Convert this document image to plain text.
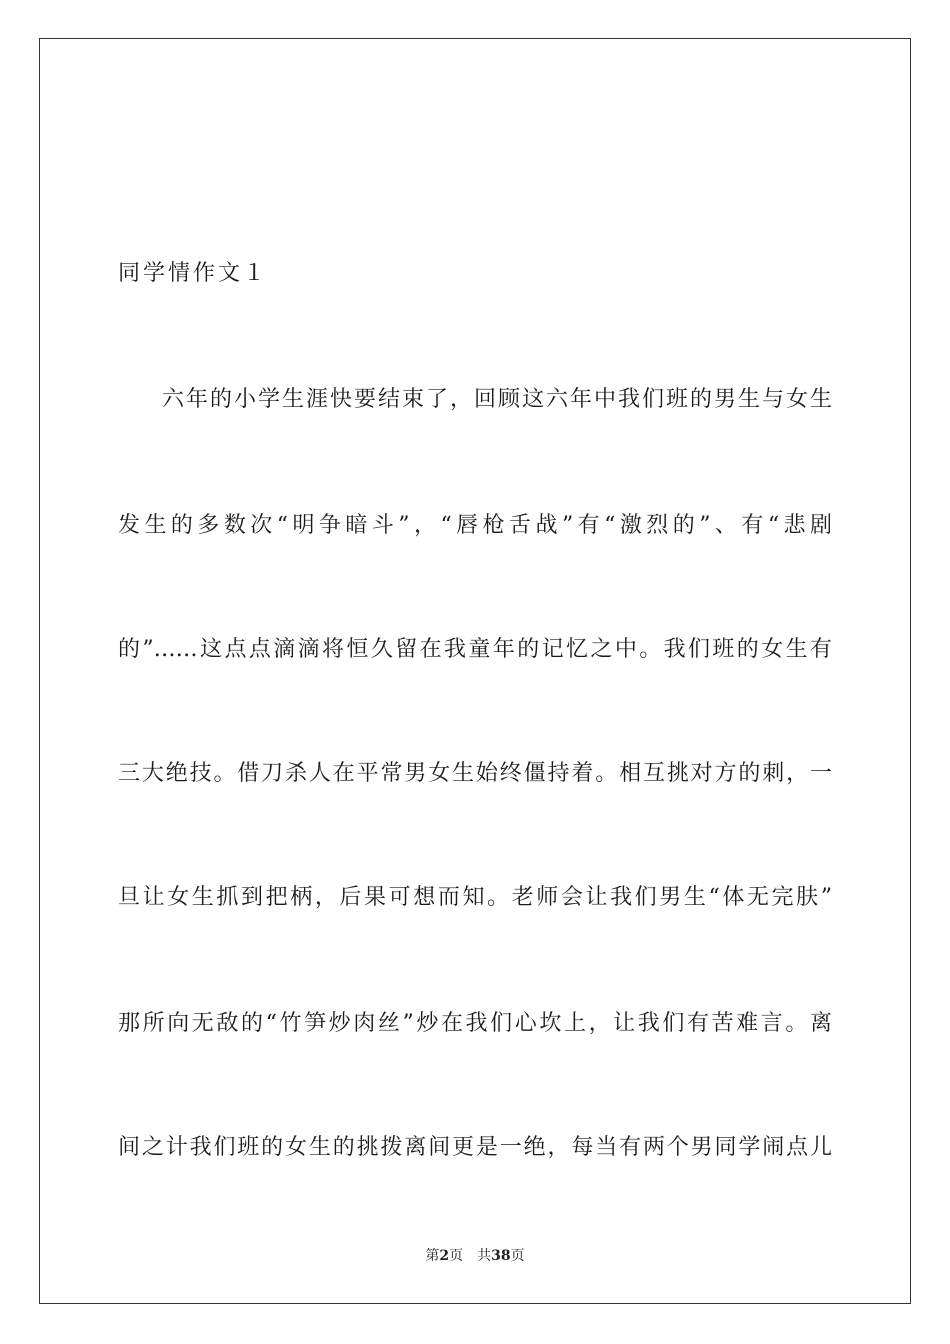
同学情作文１
六年的小学生涯快要结束了，回顾这六年中我们班的男生与女生
发生的多数次“明争暗斗”，“唇枪舌战”有“激烈的”、有“悲剧
的”……这点点滴滴将恒久留在我童年的记忆之中。我们班的女生有
三大绝技。借刀杀人在平常男女生始终僵持着。相互挑对方的刺，一
旦让女生抓到把柄，后果可想而知。老师会让我们男生“体无完肤”
那所向无敌的“竹笋炒肉丝”炒在我们心坎上，让我们有苦难言。离
间之计我们班的女生的挑拨离间更是一绝，每当有两个男同学闹点儿
第2页 共38页
